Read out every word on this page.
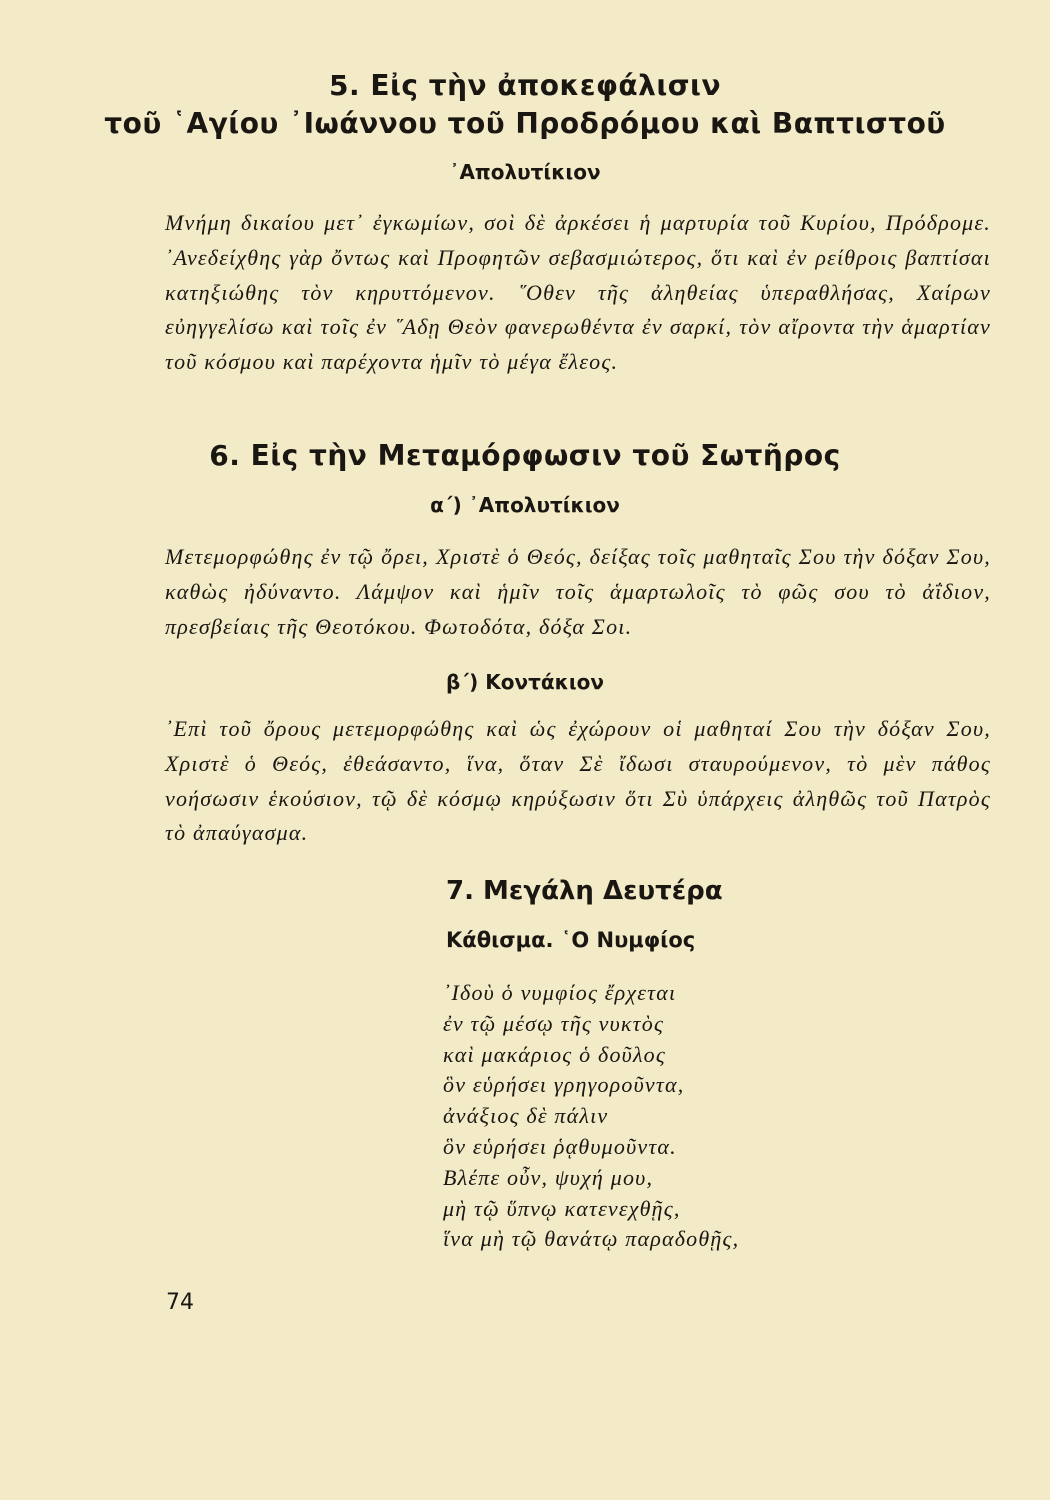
5. Εἰς τὴν ἀποκεφάλισιν
τοῦ ῾Αγίου ᾿Ιωάννου τοῦ Προδρόμου καὶ Βαπτιστοῦ
᾿Απολυτίκιον
Μνήμη δικαίου μετ᾿ ἐγκωμίων, σοὶ δὲ ἀρκέσει ἡ μαρτυρία τοῦ Κυρίου, Πρόδρομε. ᾿Ανεδείχθης γὰρ ὄντως καὶ Προφητῶν σεβασμιώτερος, ὅτι καὶ ἐν ρείθροις βαπτίσαι κατηξιώθης τὸν κηρυττόμενον. ῞Οθεν τῆς ἀληθείας ὑπεραθλήσας, Χαίρων εὐηγγελίσω καὶ τοῖς ἐν ῞Αδῃ Θεὸν φανερωθέντα ἐν σαρκί, τὸν αἴροντα τὴν ἁμαρτίαν τοῦ κόσμου καὶ παρέχοντα ἡμῖν τὸ μέγα ἔλεος.
6. Εἰς τὴν Μεταμόρφωσιν τοῦ Σωτῆρος
α΄) ᾿Απολυτίκιον
Μετεμορφώθης ἐν τῷ ὄρει, Χριστὲ ὁ Θεός, δείξας τοῖς μαθηταῖς Σου τὴν δόξαν Σου, καθὼς ἠδύναντο. Λάμψον καὶ ἡμῖν τοῖς ἁμαρτωλοῖς τὸ φῶς σου τὸ ἀΐδιον, πρεσβείαις τῆς Θεοτόκου. Φωτοδότα, δόξα Σοι.
β΄) Κοντάκιον
᾿Επὶ τοῦ ὄρους μετεμορφώθης καὶ ὡς ἐχώρουν οἱ μαθηταί Σου τὴν δόξαν Σου, Χριστὲ ὁ Θεός, ἐθεάσαντο, ἵνα, ὅταν Σὲ ἴδωσι σταυρούμενον, τὸ μὲν πάθος νοήσωσιν ἑκούσιον, τῷ δὲ κόσμῳ κηρύξωσιν ὅτι Σὺ ὑπάρχεις ἀληθῶς τοῦ Πατρὸς τὸ ἀπαύγασμα.
7. Μεγάλη Δευτέρα
Κάθισμα. ῾Ο Νυμφίος
᾿Ιδοὺ ὁ νυμφίος ἔρχεται
ἐν τῷ μέσῳ τῆς νυκτὸς
καὶ μακάριος ὁ δοῦλος
ὃν εὑρήσει γρηγοροῦντα,
ἀνάξιος δὲ πάλιν
ὃν εὑρήσει ῥᾳθυμοῦντα.
Βλέπε οὖν, ψυχή μου,
μὴ τῷ ὕπνῳ κατενεχθῇς,
ἵνα μὴ τῷ θανάτῳ παραδοθῇς,
74
